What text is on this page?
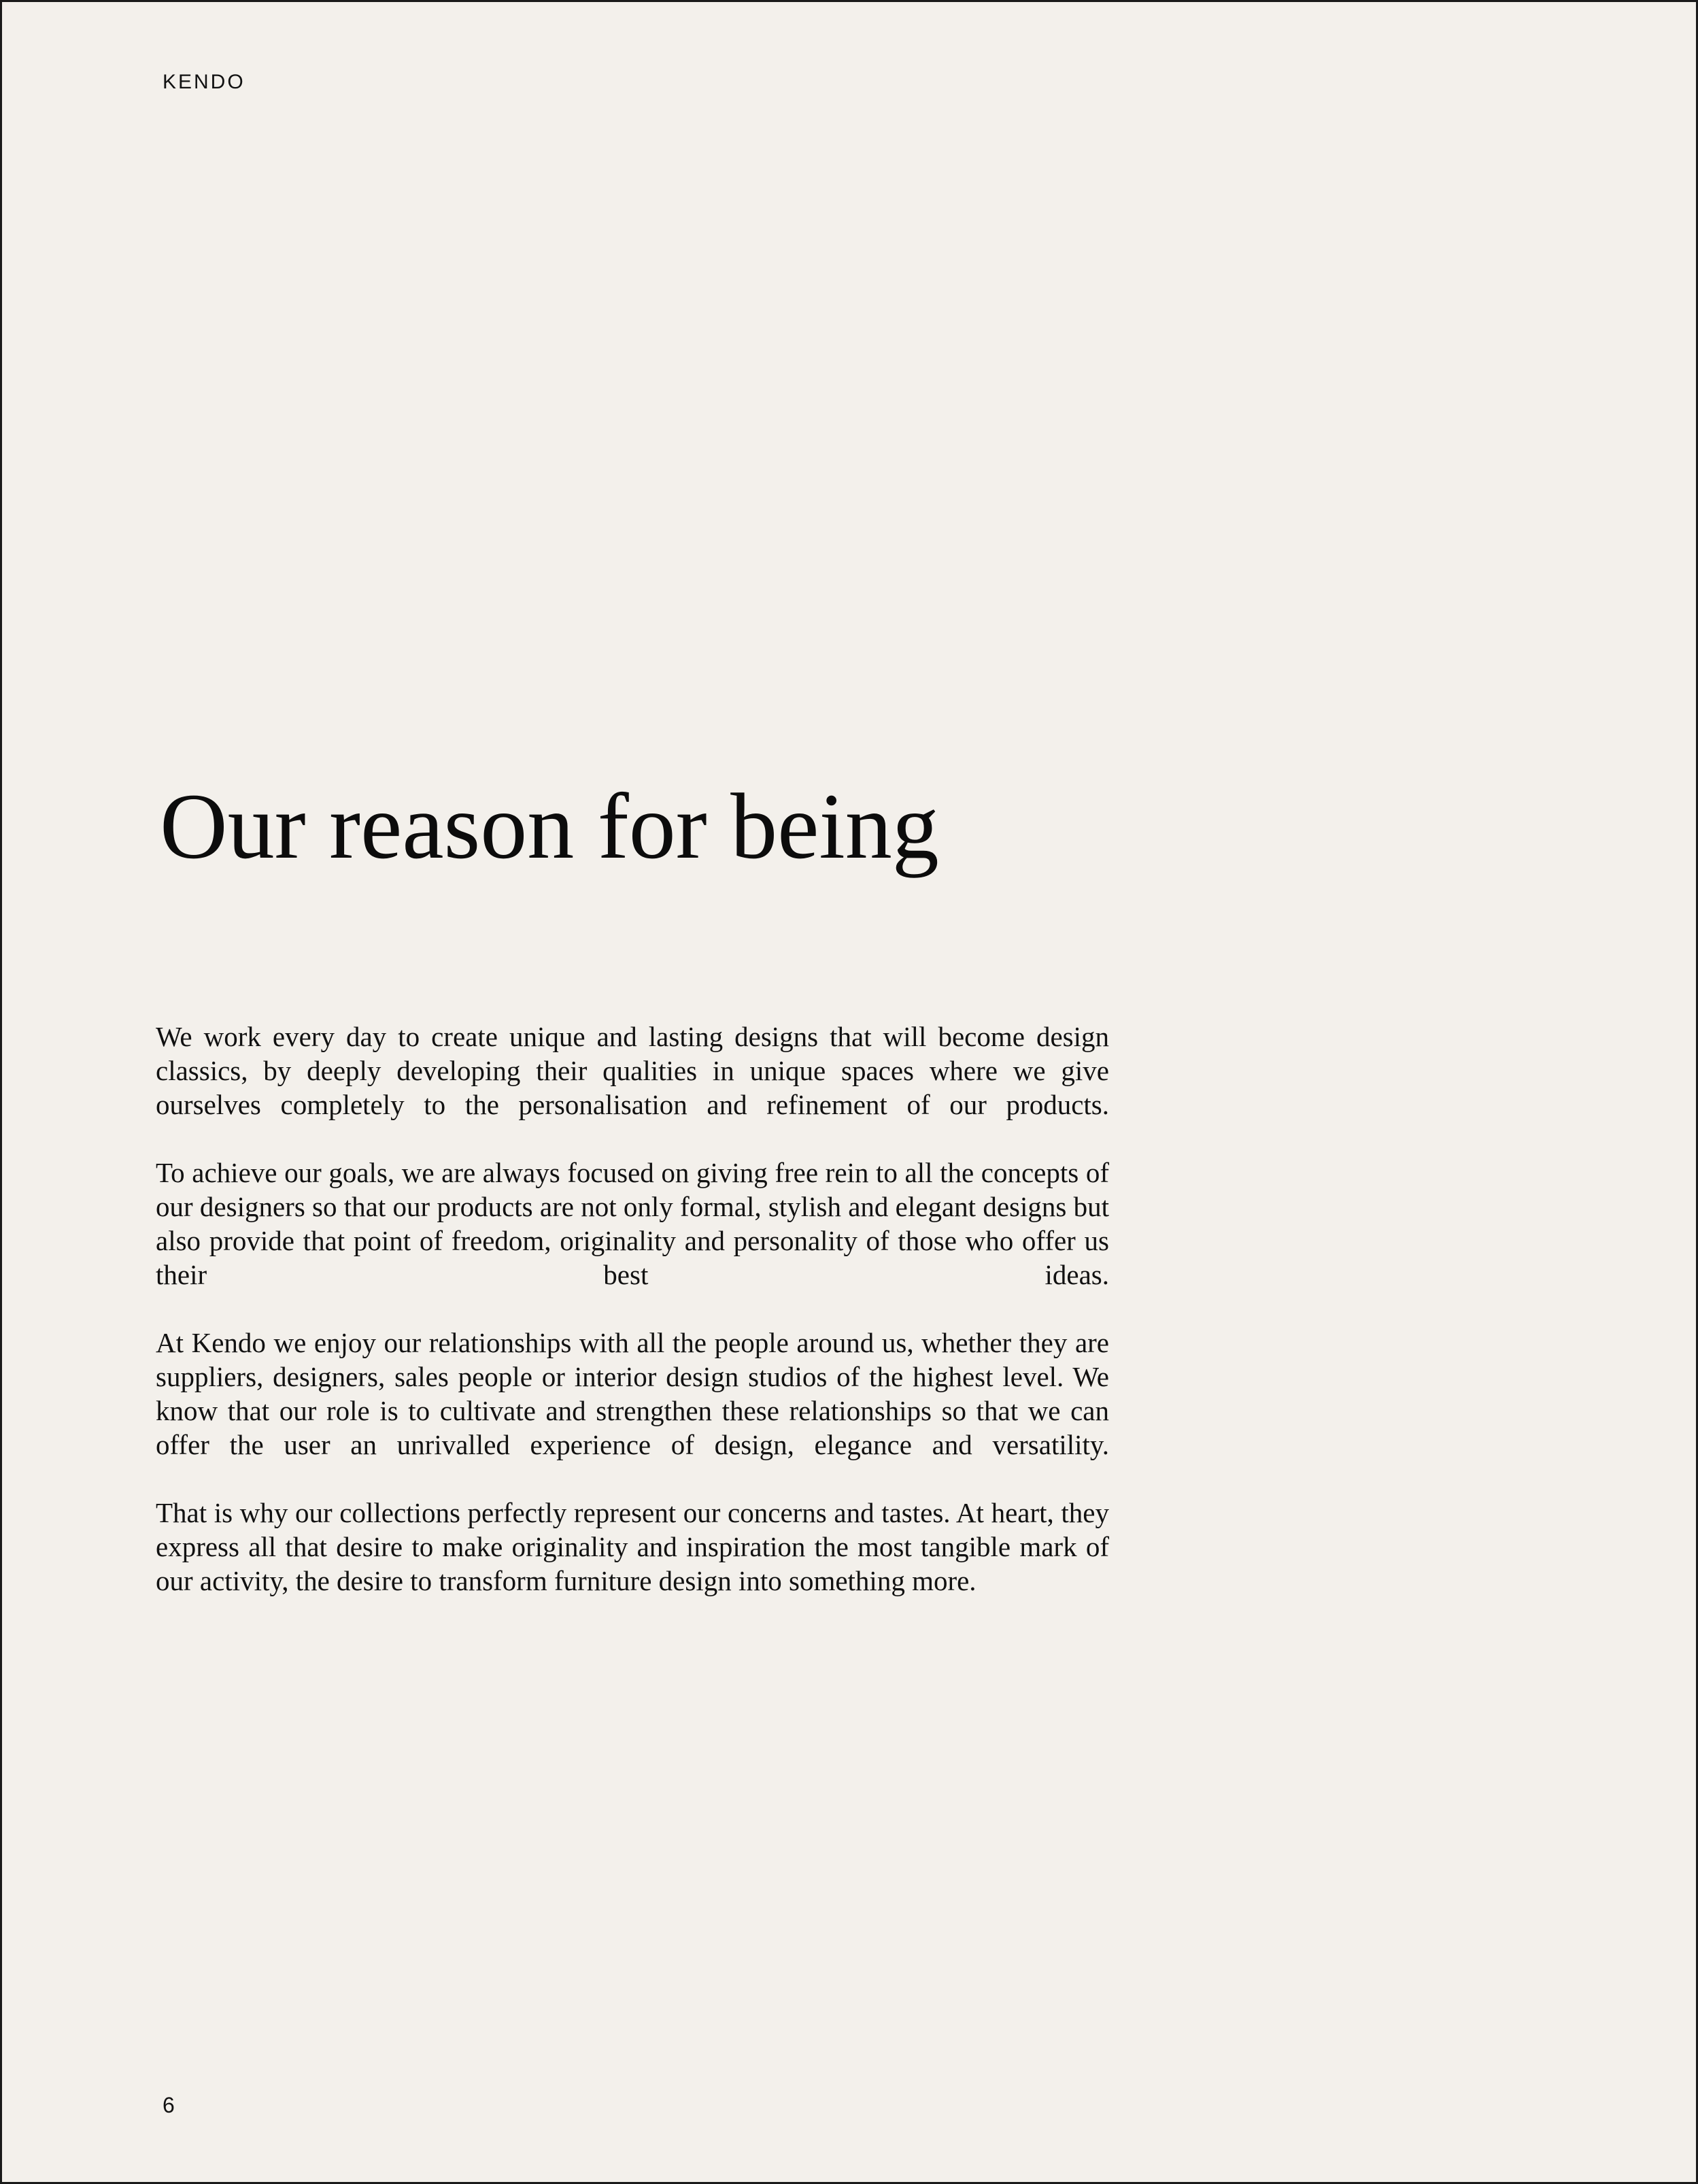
KENDO
Our reason for being

We work every day to create unique and lasting designs that will become design classics, by deeply developing their qualities in unique spaces where we give ourselves completely to the personalisation and refinement of our products.

To achieve our goals, we are always focused on giving free rein to all the concepts of our designers so that our products are not only formal, stylish and elegant designs but also provide that point of freedom, originality and personality of those who offer us their best ideas.

At Kendo we enjoy our relationships with all the people around us, whether they are suppliers, designers, sales people or interior design studios of the highest level. We know that our role is to cultivate and strengthen these relationships so that we can offer the user an unrivalled experience of design, elegance and versatility.

That is why our collections perfectly represent our concerns and tastes. At heart, they express all that desire to make originality and inspiration the most tangible mark of our activity, the desire to transform furniture design into something more.

6
